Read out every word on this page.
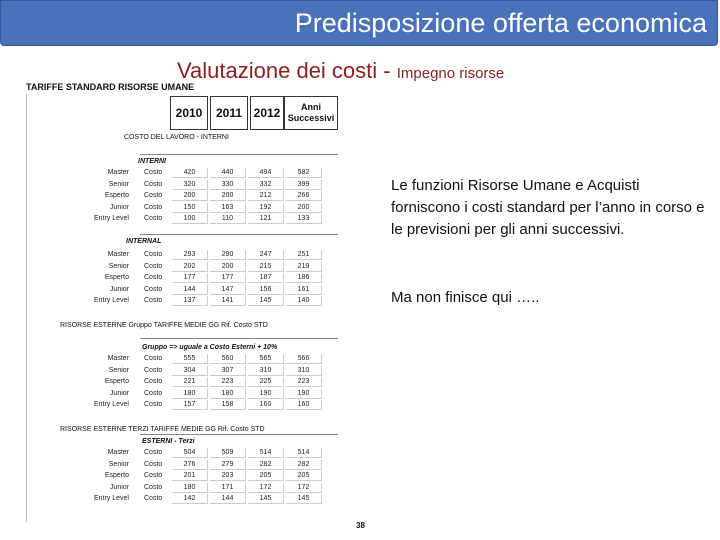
Predisposizione offerta economica
Valutazione dei costi - Impegno risorse
Le funzioni Risorse Umane e Acquisti forniscono i costi standard per l’anno in corso e le previsioni per gli anni successivi.
Ma non finisce qui …..
TARIFFE STANDARD RISORSE UMANE
2010	2011 2012	Anni Successivi
COSTO DEL LAVORO - INTERNI
INTERNI
Master Costo	420	440	494	582
Senior Costo	320	330	332	399
Esperto Costo	200	200	212	266
Junior Costo	150	163	192	200
Entry Level Costo	100	110	121	133
INTERNAL
Master Costo	293	290	247	251
Senior Costo	202	200	215	219
Esperto Costo	177	177	187	186
Junior Costo	144	147	156	161
Entry Level Costo	137	141	145	140
RISORSE ESTERNE Gruppo TARIFFE MEDIE GG Rif. Costo STD
Gruppo => uguale a Costo Esterni + 10%
Master Costo	555	560	565	566
Senior Costo	304	307	310	310
Esperto Costo	221	223	225	223
Junior Costo	180	180	190	190
Entry Level Costo	157	158	160	160
RISORSE ESTERNE TERZI TARIFFE MEDIE GG Rif. Costo STD
ESTERNI - Terzi
Master Costo	504	509	514	514
Senior Costo	276	279	282	282
Esperto Costo	201	203	205	205
Junior Costo	180	171	172	172
Entry Level Costo	142	144	145	145
38
